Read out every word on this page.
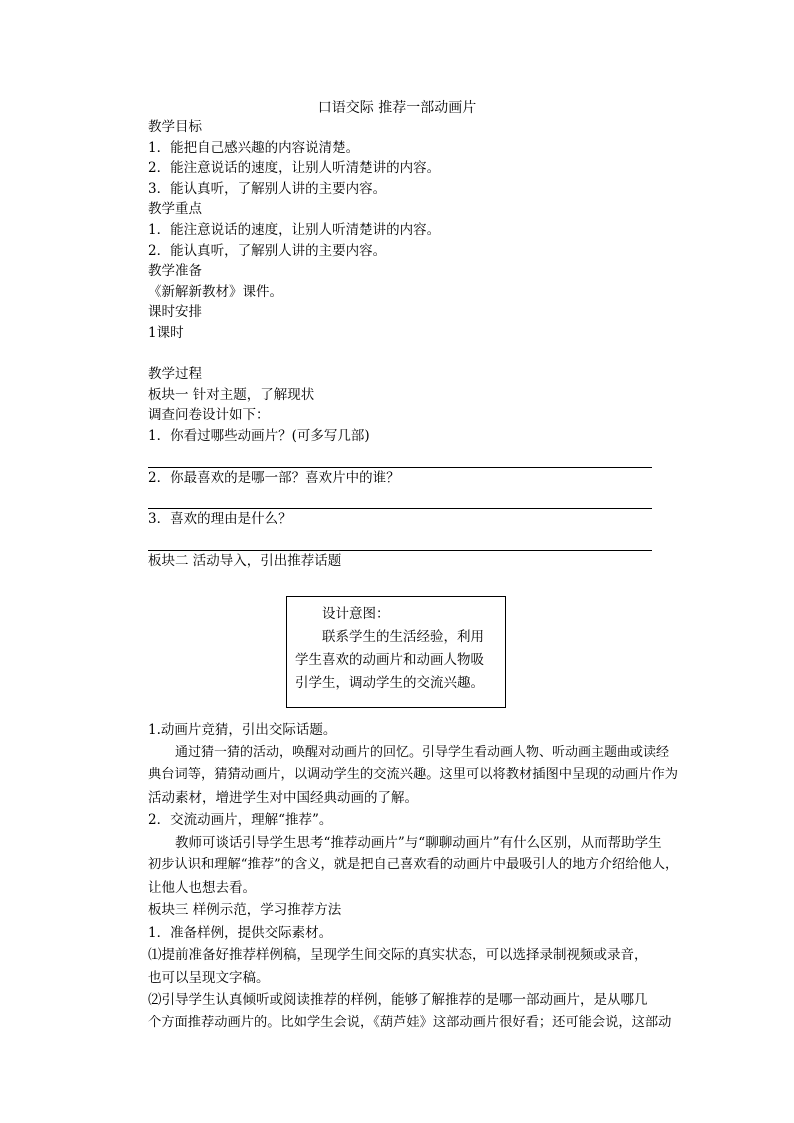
口语交际 推荐一部动画片
教学目标
1．能把自己感兴趣的内容说清楚。
2．能注意说话的速度，让别人听清楚讲的内容。
3．能认真听，了解别人讲的主要内容。
教学重点
1．能注意说话的速度，让别人听清楚讲的内容。
2．能认真听，了解别人讲的主要内容。
教学准备
《新解新教材》课件。
课时安排
1课时
教学过程
板块一 针对主题，了解现状
调查问卷设计如下：
1．你看过哪些动画片？(可多写几部)
2．你最喜欢的是哪一部？喜欢片中的谁？
3．喜欢的理由是什么？
板块二 活动导入，引出推荐话题
设计意图：
联系学生的生活经验，利用
学生喜欢的动画片和动画人物吸
引学生，调动学生的交流兴趣。
1.动画片竞猜，引出交际话题。
通过猜一猜的活动，唤醒对动画片的回忆。引导学生看动画人物、听动画主题曲或读经
典台词等，猜猜动画片，以调动学生的交流兴趣。这里可以将教材插图中呈现的动画片作为
活动素材，增进学生对中国经典动画的了解。
2．交流动画片，理解“推荐”。
教师可谈话引导学生思考“推荐动画片”与“聊聊动画片”有什么区别，从而帮助学生
初步认识和理解“推荐”的含义，就是把自己喜欢看的动画片中最吸引人的地方介绍给他人，
让他人也想去看。
板块三 样例示范，学习推荐方法
1．准备样例，提供交际素材。
⑴提前准备好推荐样例稿，呈现学生间交际的真实状态，可以选择录制视频或录音，
也可以呈现文字稿。
⑵引导学生认真倾听或阅读推荐的样例，能够了解推荐的是哪一部动画片，是从哪几
个方面推荐动画片的。比如学生会说，《葫芦娃》这部动画片很好看；还可能会说，这部动
